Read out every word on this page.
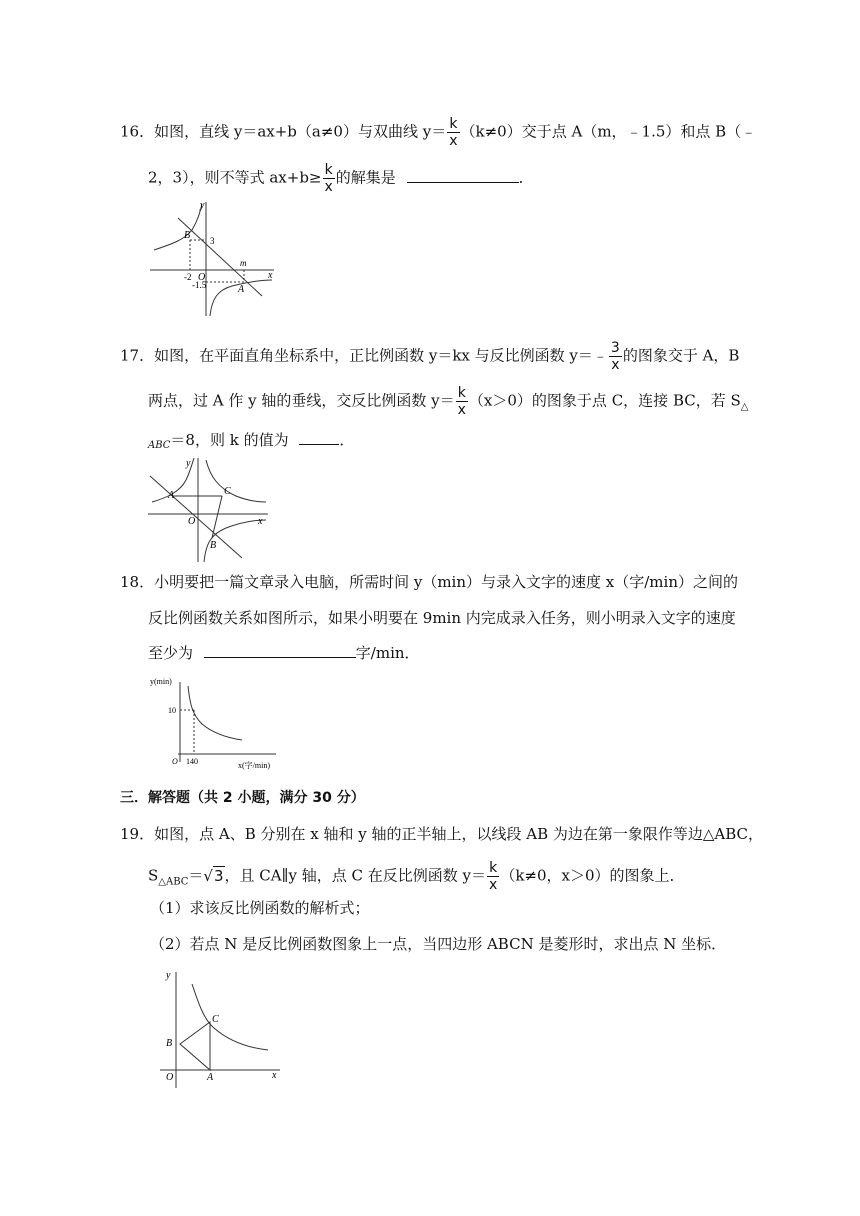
16．如图，直线 y＝ax+b（a≠0）与双曲线 $y= \frac{k}{x} (k\ne 0)$交于点 A（m，﹣1.5）和点 B（﹣
2，3），则不等式 $ax+b\ge \frac{k}{x}$ 的解集是	．
y
x
B 3
-2 O
-1.5
m
A
17．如图，在平面直角坐标系中，正比例函数 y＝kx 与反比例函数 y＝﹣ $\frac{3}{x}$ 的图象交于 A，B
两点，过 A 作 y 轴的垂线，交反比例函数 $y= \frac{k}{x} (x>0)$的图象于点 C，连接 BC，若 $S_\triangle$
$_{ABC}$＝8，则 k 的值为	．
y
x
A	C
O
B
18．小明要把一篇文章录入电脑，所需时间 y（min）与录入文字的速度 x（字/min）之间的
反比例函数关系如图所示，如果小明要在 9min 内完成录入任务，则小明录入文字的速度
至少为	字/min．
y(min)
x(字/min)
10
140
O
三．解答题（共 2 小题，满分 30 分）
19．如图，点 A、B 分别在 x 轴和 y 轴的正半轴上，以线段 AB 为边在第一象限作等边△ABC，
$S_{\triangle ABC}=√3$，且 CA∥y 轴，点 C 在反比例函数 $y= \frac{k}{x} (k\ne 0$，x＞0）的图象上．
（1）求该反比例函数的解析式；
（2）若点 N 是反比例函数图象上一点，当四边形 ABCN 是菱形时，求出点 N 坐标．
y
x
C
B
O	A
